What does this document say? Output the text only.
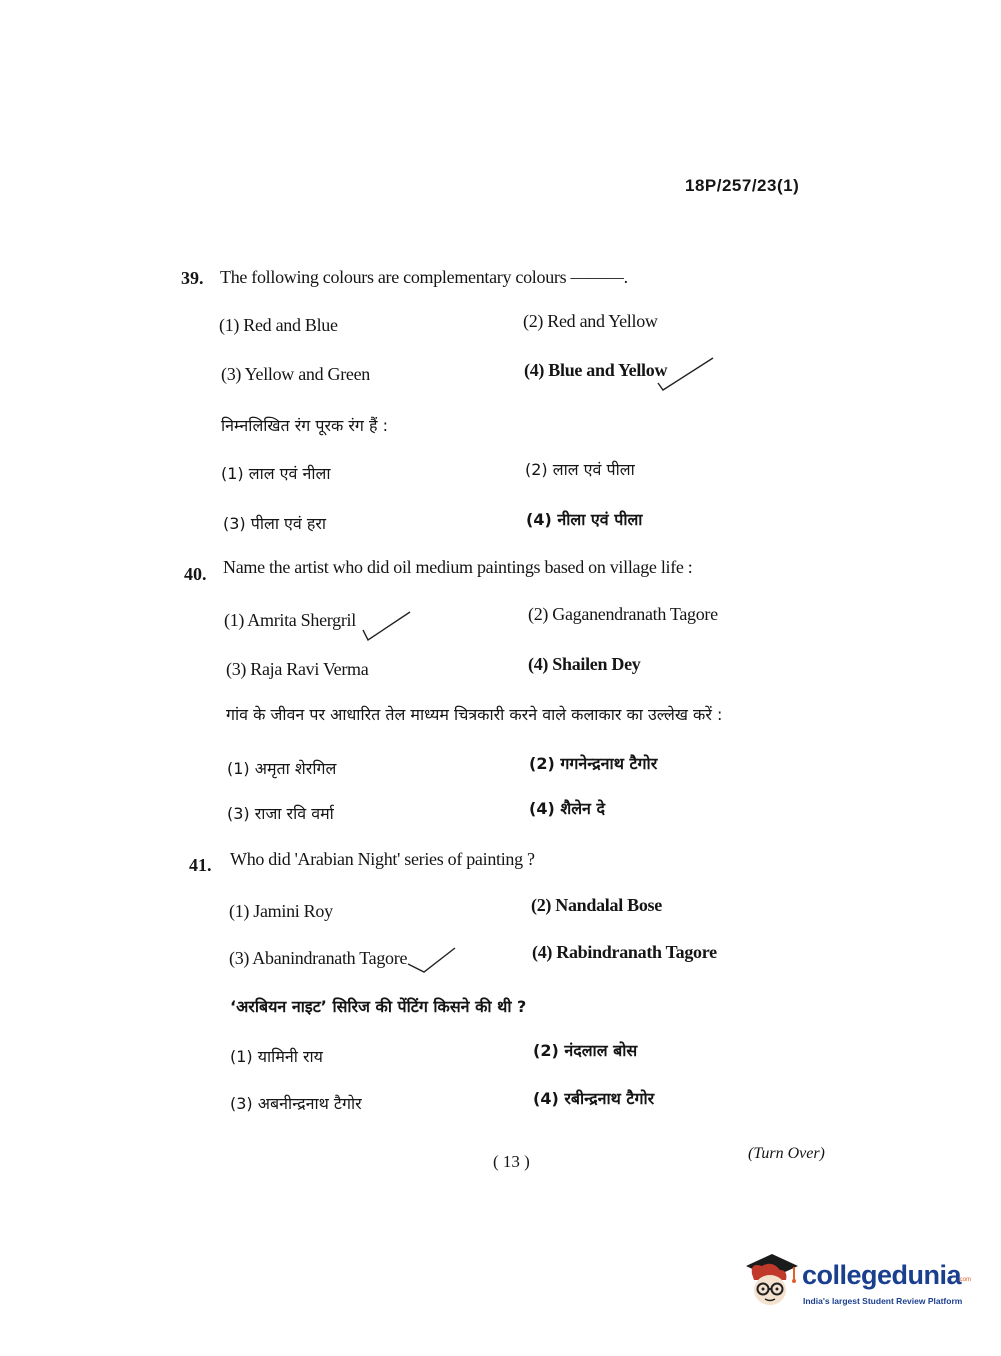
18P/257/23(1)
39. The following colours are complementary colours ———.
(1) Red and Blue	(2) Red and Yellow
(3) Yellow and Green	(4) Blue and Yellow
निम्नलिखित रंग पूरक रंग हैं :
(1) लाल एवं नीला	(2) लाल एवं पीला
(3) पीला एवं हरा	(4) नीला एवं पीला
40. Name the artist who did oil medium paintings based on village life :
(1) Amrita Shergril	(2) Gaganendranath Tagore
(3) Raja Ravi Verma	(4) Shailen Dey
गांव के जीवन पर आधारित तेल माध्यम चित्रकारी करने वाले कलाकार का उल्लेख करें :
(1) अमृता शेरगिल	(2) गगनेन्द्रनाथ टैगोर
(3) राजा रवि वर्मा	(4) शैलेन दे
41. Who did 'Arabian Night' series of painting ?
(1) Jamini Roy	(2) Nandalal Bose
(3) Abanindranath Tagore	(4) Rabindranath Tagore
‘अरबियन नाइट’ सिरिज की पेंटिंग किसने की थी ?
(1) यामिनी राय	(2) नंदलाल बोस
(3) अबनीन्द्रनाथ टैगोर	(4) रबीन्द्रनाथ टैगोर
( 13 )	(Turn Over)
collegedunia
.com
India's largest Student Review Platform
